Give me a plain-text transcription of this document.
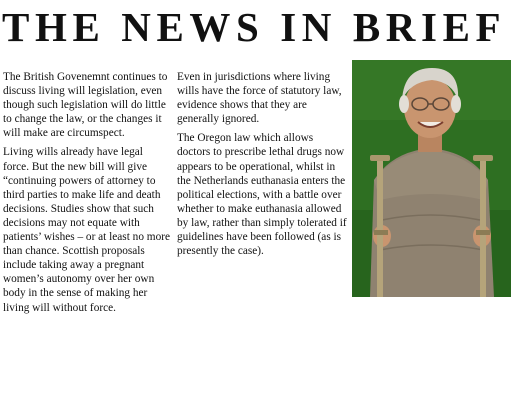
THE NEWS IN BRIEF

The British Govenemnt continues to discuss living will legislation, even though such legislation will do little to change the law, or the changes it will make are circumspect.

Living wills already have legal force. But the new bill will give “continuing powers of attorney to third parties to make life and death decisions. Studies show that such decisions may not equate with patients’ wishes – or at least no more than chance. Scottish proposals include taking away a pregnant women’s autonomy over her own body in the sense of making her living will without force.

Even in jurisdictions where living wills have the force of statutory law, evidence shows that they are generally ignored.

The Oregon law which allows doctors to prescribe lethal drugs now appears to be operational, whilst in the Netherlands euthanasia enters the political elections, with a battle over whether to make euthanasia allowed by law, rather than simply tolerated if guidelines have been followed (as is presently the case).
